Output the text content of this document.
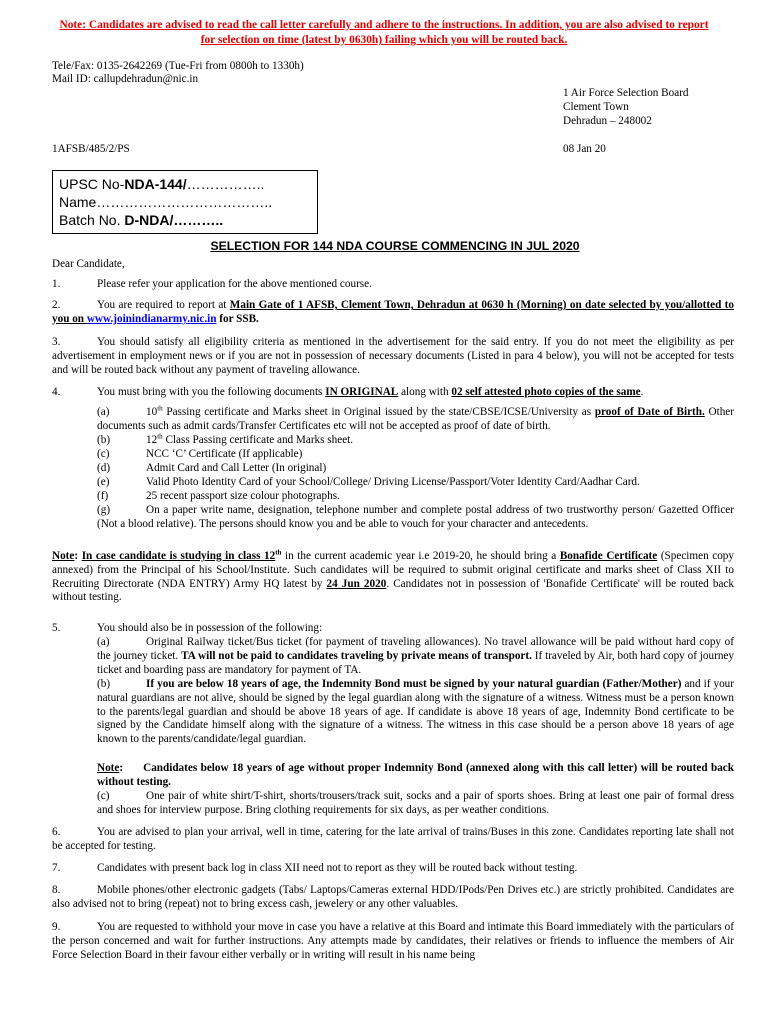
Note: Candidates are advised to read the call letter carefully and adhere to the instructions. In addition, you are also advised to report for selection on time (latest by 0630h) failing which you will be routed back.
Tele/Fax: 0135-2642269 (Tue-Fri from 0800h to 1330h)
Mail ID: callupdehradun@nic.in
1 Air Force Selection Board
Clement Town
Dehradun – 248002
1AFSB/485/2/PS	08 Jan 20
UPSC No-NDA-144/……………..
Name………………………………..
Batch No. D-NDA/………..
SELECTION FOR 144 NDA COURSE COMMENCING IN JUL 2020
Dear Candidate,
1.	Please refer your application for the above mentioned course.
2.	You are required to report at Main Gate of 1 AFSB, Clement Town, Dehradun at 0630 h (Morning) on date selected by you/allotted to you on www.joinindianarmy.nic.in for SSB.
3.	You should satisfy all eligibility criteria as mentioned in the advertisement for the said entry. If you do not meet the eligibility as per advertisement in employment news or if you are not in possession of necessary documents (Listed in para 4 below), you will not be accepted for tests and will be routed back without any payment of traveling allowance.
4.	You must bring with you the following documents IN ORIGINAL along with 02 self attested photo copies of the same.
(a)	10th Passing certificate and Marks sheet in Original issued by the state/CBSE/ICSE/University as proof of Date of Birth. Other documents such as admit cards/Transfer Certificates etc will not be accepted as proof of date of birth.
(b)	12th Class Passing certificate and Marks sheet.
(c)	NCC ‘C’ Certificate (If applicable)
(d)	Admit Card and Call Letter (In original)
(e)	Valid Photo Identity Card of your School/College/ Driving License/Passport/Voter Identity Card/Aadhar Card.
(f)	25 recent passport size colour photographs.
(g)	On a paper write name, designation, telephone number and complete postal address of two trustworthy person/ Gazetted Officer (Not a blood relative). The persons should know you and be able to vouch for your character and antecedents.
Note: In case candidate is studying in class 12th in the current academic year i.e 2019-20, he should bring a Bonafide Certificate (Specimen copy annexed) from the Principal of his School/Institute. Such candidates will be required to submit original certificate and marks sheet of Class XII to Recruiting Directorate (NDA ENTRY) Army HQ latest by 24 Jun 2020. Candidates not in possession of 'Bonafide Certificate' will be routed back without testing.
5.	You should also be in possession of the following:
(a)	Original Railway ticket/Bus ticket (for payment of traveling allowances). No travel allowance will be paid without hard copy of the journey ticket. TA will not be paid to candidates traveling by private means of transport. If traveled by Air, both hard copy of journey ticket and boarding pass are mandatory for payment of TA.
(b)	If you are below 18 years of age, the Indemnity Bond must be signed by your natural guardian (Father/Mother) and if your natural guardians are not alive, should be signed by the legal guardian along with the signature of a witness. Witness must be a person known to the parents/legal guardian and should be above 18 years of age. If candidate is above 18 years of age, Indemnity Bond certificate to be signed by the Candidate himself along with the signature of a witness. The witness in this case should be a person above 18 years of age known to the parents/candidate/legal guardian.
Note: Candidates below 18 years of age without proper Indemnity Bond (annexed along with this call letter) will be routed back without testing.
(c)	One pair of white shirt/T-shirt, shorts/trousers/track suit, socks and a pair of sports shoes. Bring at least one pair of formal dress and shoes for interview purpose. Bring clothing requirements for six days, as per weather conditions.
6.	You are advised to plan your arrival, well in time, catering for the late arrival of trains/Buses in this zone. Candidates reporting late shall not be accepted for testing.
7.	Candidates with present back log in class XII need not to report as they will be routed back without testing.
8.	Mobile phones/other electronic gadgets (Tabs/ Laptops/Cameras external HDD/IPods/Pen Drives etc.) are strictly prohibited. Candidates are also advised not to bring (repeat) not to bring excess cash, jewelery or any other valuables.
9.	You are requested to withhold your move in case you have a relative at this Board and intimate this Board immediately with the particulars of the person concerned and wait for further instructions. Any attempts made by candidates, their relatives or friends to influence the members of Air Force Selection Board in their favour either verbally or in writing will result in his name being
